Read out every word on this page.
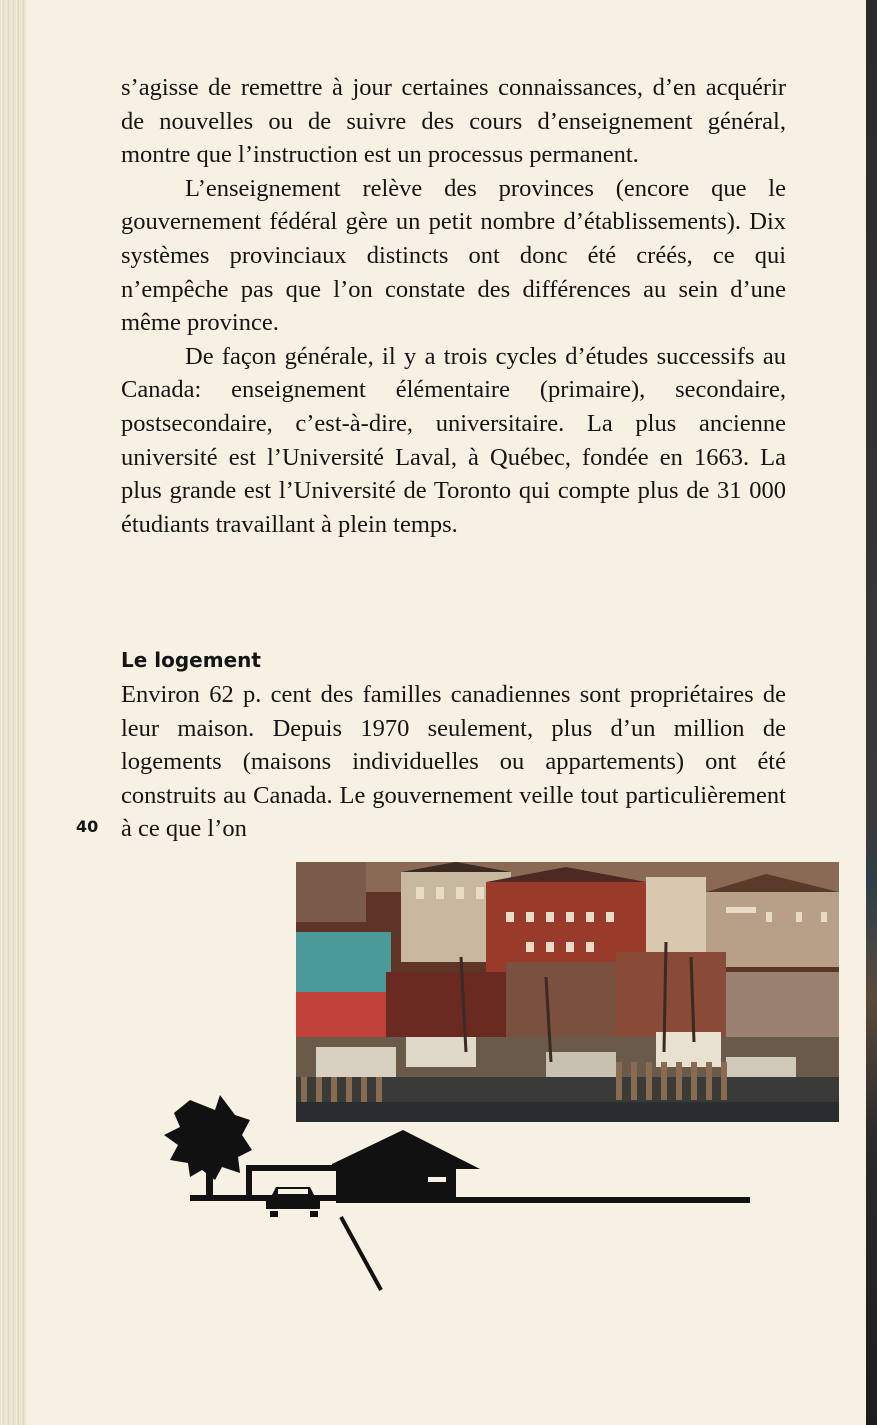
s’agisse de remettre à jour certaines connaissances, d’en acquérir de nouvelles ou de suivre des cours d’enseignement général, montre que l’instruction est un processus permanent.

L’enseignement relève des provinces (encore que le gouvernement fédéral gère un petit nombre d’établissements). Dix systèmes provinciaux distincts ont donc été créés, ce qui n’empêche pas que l’on constate des différences au sein d’une même province.

De façon générale, il y a trois cycles d’études successifs au Canada: enseignement élémentaire (primaire), secondaire, postsecondaire, c’est-à-dire, universitaire. La plus ancienne université est l’Université Laval, à Québec, fondée en 1663. La plus grande est l’Université de Toronto qui compte plus de 31 000 étudiants travaillant à plein temps.

Le logement

Environ 62 p. cent des familles canadiennes sont propriétaires de leur maison. Depuis 1970 seulement, plus d’un million de logements (maisons individuelles ou appartements) ont été construits au Canada. Le gouvernement veille tout particulièrement à ce que l’on

40
